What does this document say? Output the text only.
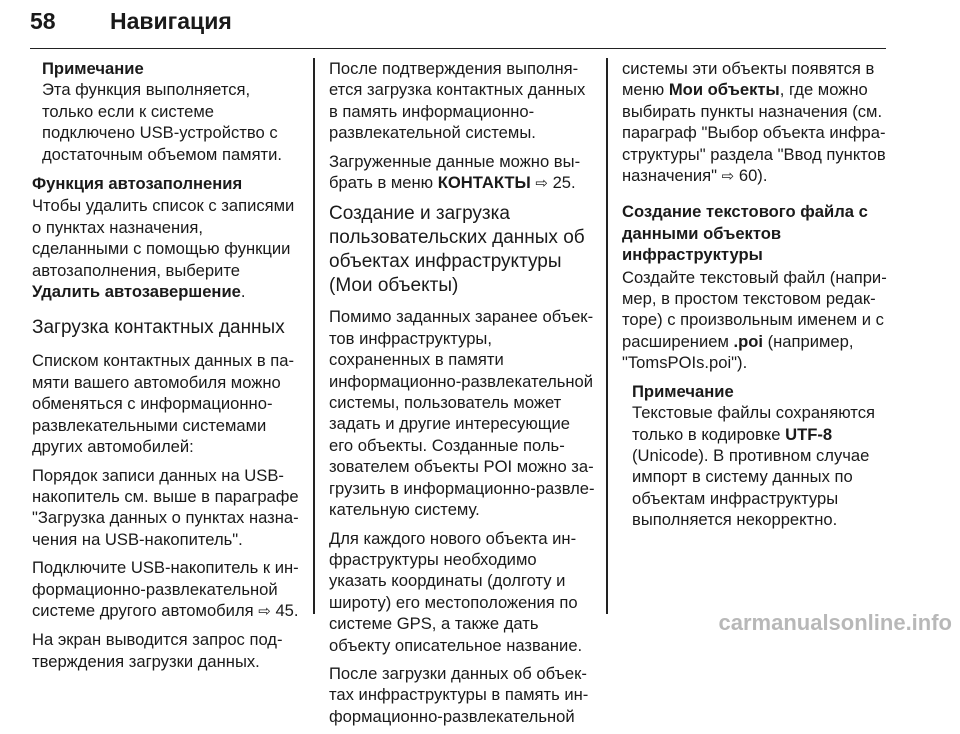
58 Навигация
Примечание
Эта функция выполняется, только если к системе подключено USB-устройство с достаточным объемом памяти.
Функция автозаполнения

Чтобы удалить список с записями о пунктах назначения, сделанными с помощью функции автозаполнения, выберите Удалить автозавершение.

Загрузка контактных данных

Списком контактных данных в памяти вашего автомобиля можно обменяться с информационно-развлекательными системами других автомобилей:

Порядок записи данных на USB-накопитель см. выше в параграфе "Загрузка данных о пунктах назначения на USB-накопитель".

Подключите USB-накопитель к информационно-развлекательной системе другого автомобиля ⇨ 45.

На экран выводится запрос подтверждения загрузки данных.

После подтверждения выполняется загрузка контактных данных в память информационно-развлекательной системы.

Загруженные данные можно выбрать в меню КОНТАКТЫ ⇨ 25.

Создание и загрузка пользовательских данных об объектах инфраструктуры (Мои объекты)

Помимо заданных заранее объектов инфраструктуры, сохраненных в памяти информационно-развлекательной системы, пользователь может задать и другие интересующие его объекты. Созданные пользователем объекты POI можно загрузить в информационно-развлекательную систему.

Для каждого нового объекта инфраструктуры необходимо указать координаты (долготу и широту) его местоположения по системе GPS, а также дать объекту описательное название.

После загрузки данных об объектах инфраструктуры в память информационно-развлекательной

системы эти объекты появятся в меню Мои объекты, где можно выбирать пункты назначения (см. параграф "Выбор объекта инфраструктуры" раздела "Ввод пунктов назначения" ⇨ 60).

Создание текстового файла с данными объектов инфраструктуры

Создайте текстовый файл (например, в простом текстовом редакторе) с произвольным именем и с расширением .poi (например, "TomsPOIs.poi").

Примечание
Текстовые файлы сохраняются только в кодировке UTF-8
(Unicode). В противном случае импорт в систему данных по объектам инфраструктуры выполняется некорректно.
carmanualsonline.info
